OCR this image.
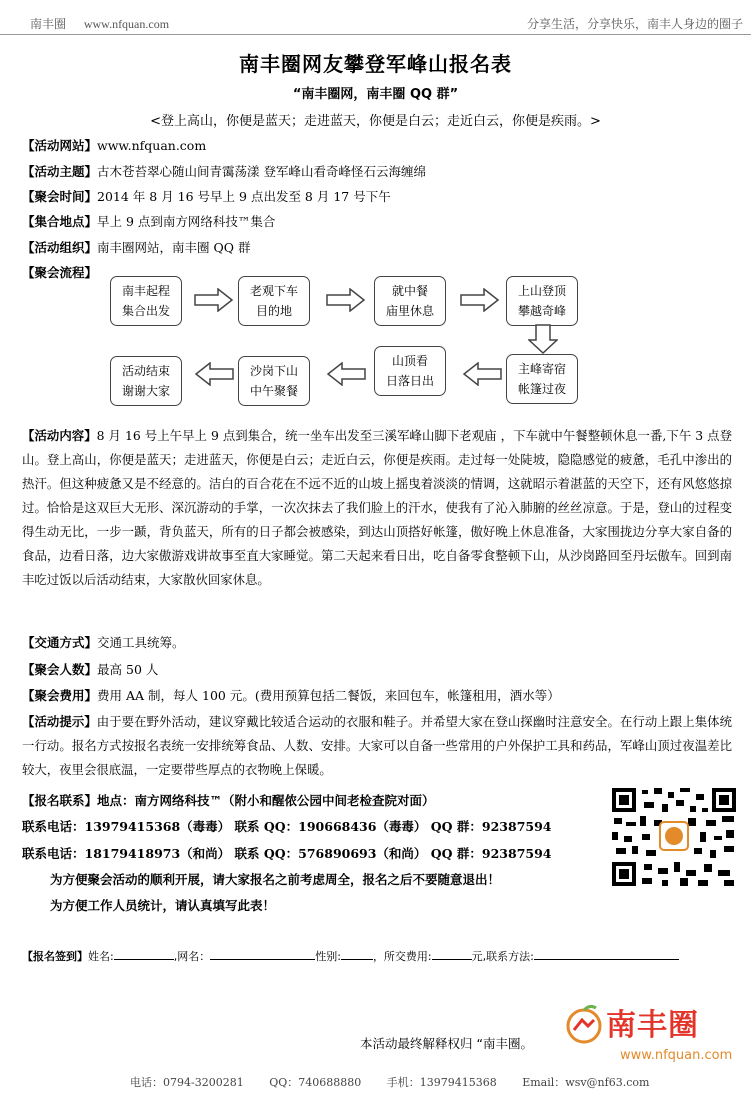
南丰圈 www.nfquan.com	分享生活，分享快乐，南丰人身边的圈子
南丰圈网友攀登军峰山报名表
“南丰圈网，南丰圈 QQ 群”
<登上高山，你便是蓝天；走进蓝天，你便是白云；走近白云，你便是疾雨。>
【活动网站】www.nfquan.com
【活动主题】古木苍苔翠心随山间青霭荡漾 登军峰山看奇峰怪石云海缠绵
【聚会时间】2014 年 8 月 16 号早上 9 点出发至 8 月 17 号下午
【集合地点】早上 9 点到南方网络科技™集合
【活动组织】南丰圈网站，南丰圈 QQ 群
【聚会流程】
南丰起程
集合出发
老观下车
目的地
就中餐
庙里休息
上山登顶
攀越奇峰
主峰寄宿
帐篷过夜
山顶看
日落日出
沙岗下山
中午聚餐
活动结束
谢谢大家
【活动内容】8 月 16 号上午早上 9 点到集合，统一坐车出发至三溪军峰山脚下老观庙 ，下车就中午餐整顿休息一番,下午 3 点登山。登上高山，你便是蓝天；走进蓝天，你便是白云；走近白云，你便是疾雨。走过每一处陡坡，隐隐感觉的疲惫，毛孔中渗出的热汗。但这种疲惫又是不经意的。洁白的百合花在不远不近的山坡上摇曳着淡淡的情调，这就昭示着湛蓝的天空下，还有风悠悠掠过。恰恰是这双巨大无形、深沉游动的手掌，一次次抹去了我们脸上的汗水，使我有了沁入肺腑的丝丝凉意。于是，登山的过程变得生动无比，一步一踬，背负蓝天，所有的日子都会被感染，到达山顶搭好帐篷，傲好晚上休息准备，大家围拢边分享大家自备的食品，边看日落，边大家傲游戏讲故事至直大家睡觉。第二天起来看日出，吃自备零食整顿下山，从沙岗路回至丹坛傲车。回到南丰吃过饭以后活动结束，大家散伙回家休息。
【交通方式】交通工具统筹。
【聚会人数】最高 50 人
【聚会费用】费用 AA 制，每人 100 元。(费用预算包括二餐饭，来回包车，帐篷租用，酒水等）
【活动提示】由于要在野外活动，建议穿戴比较适合运动的衣服和鞋子。并希望大家在登山探幽时注意安全。在行动上跟上集体统一行动。报名方式按报名表统一安排统筹食品、人数、安排。大家可以自备一些常用的户外保护工具和药品，军峰山顶过夜温差比较大，夜里会很底温，一定要带些厚点的衣物晚上保暖。
【报名联系】地点：南方网络科技™（附小和醒侬公园中间老检查院对面）
联系电话：13979415368（毒毒） 联系 QQ：190668436（毒毒） QQ 群：92387594
联系电话：18179418973（和尚） 联系 QQ：576890693（和尚） QQ 群：92387594
为方便聚会活动的顺利开展，请大家报名之前考虑周全，报名之后不要随意退出！
为方便工作人员统计，请认真填写此表！
【报名签到】姓名:	,网名：	性别:	，所交费用:	元,联系方法:
本活动最终解释权归 “南丰圈。
南丰圈
www.nfquan.com
电话：0794-3200281 QQ：740688880 手机：13979415368 Email：wsv@nf63.com
